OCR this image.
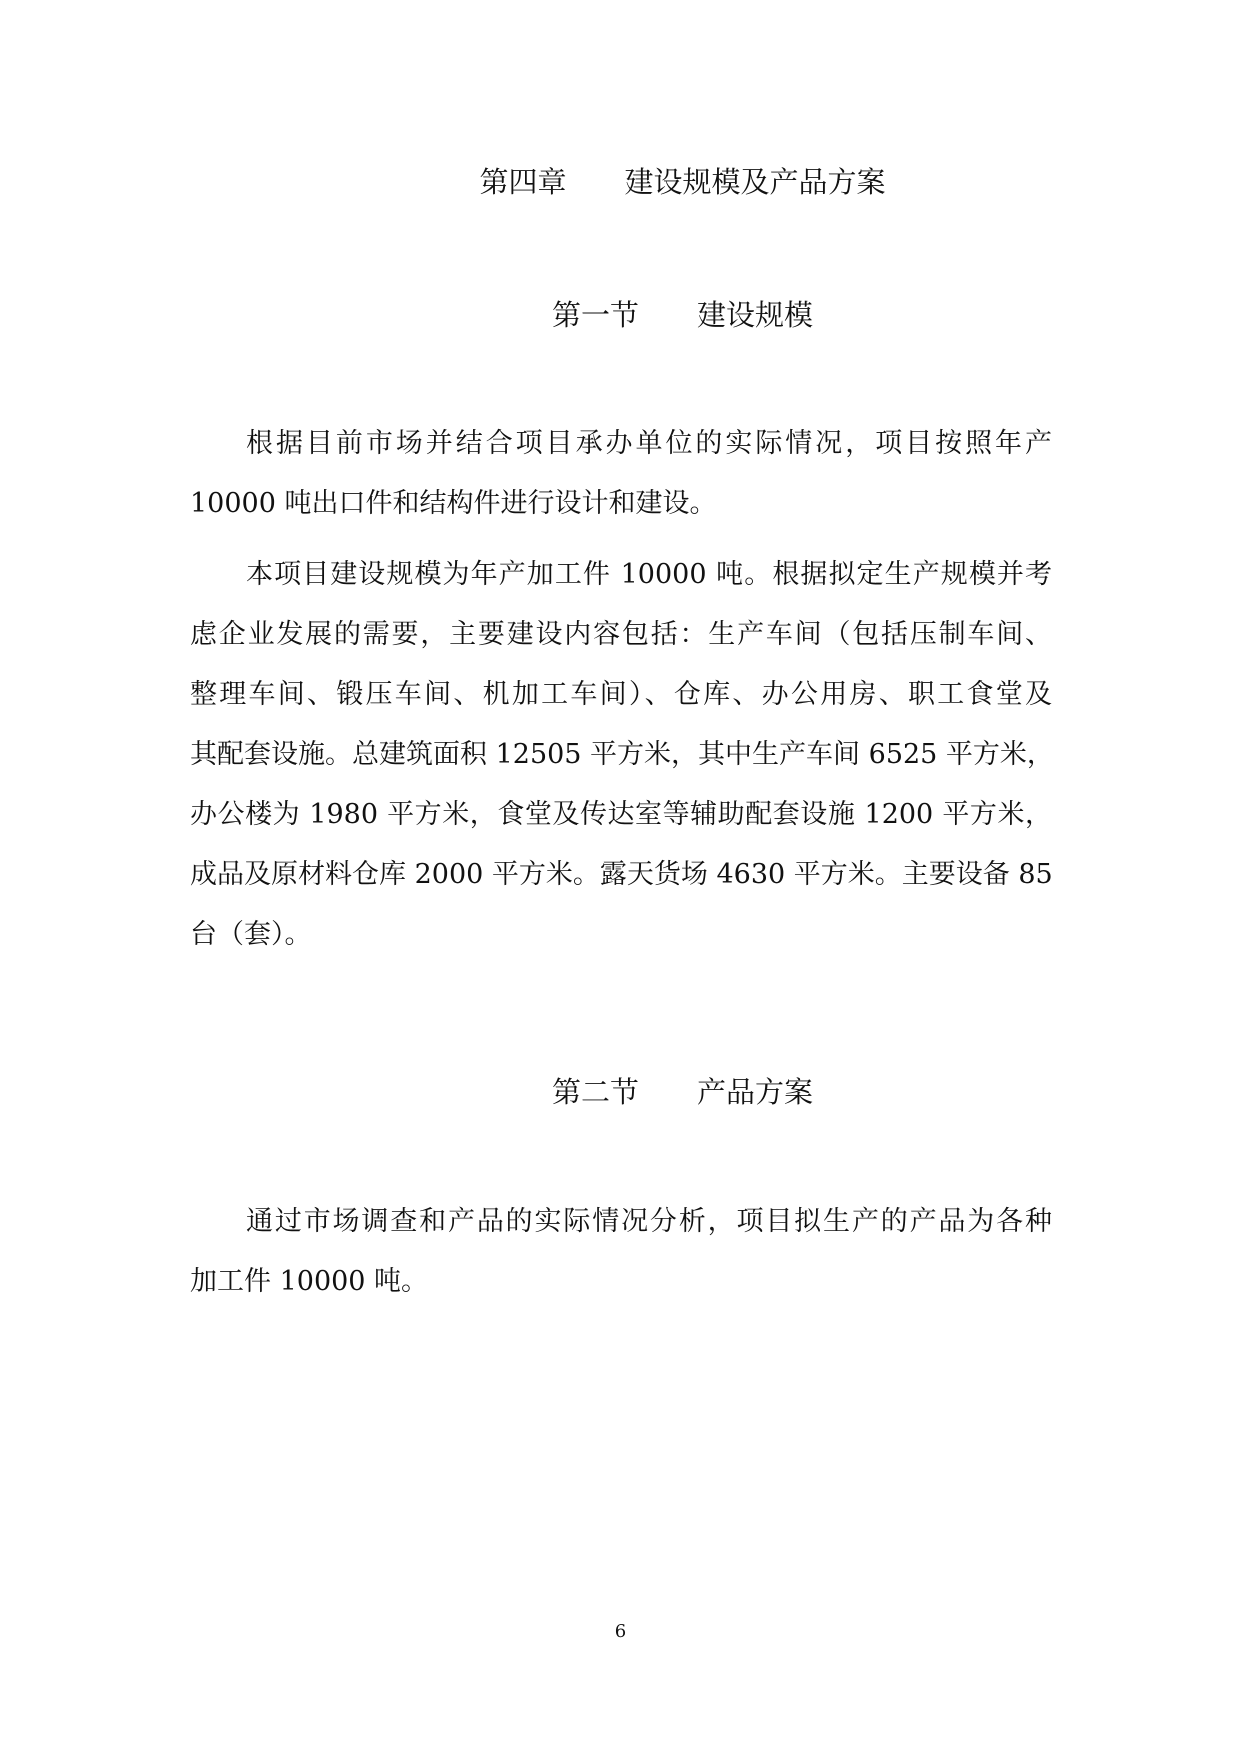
第四章 建设规模及产品方案
第一节 建设规模
根据目前市场并结合项目承办单位的实际情况，项目按照年产
10000 吨出口件和结构件进行设计和建设。
本项目建设规模为年产加工件 10000 吨。根据拟定生产规模并考
虑企业发展的需要，主要建设内容包括：生产车间（包括压制车间、
整理车间、锻压车间、机加工车间）、仓库、办公用房、职工食堂及
其配套设施。总建筑面积 12505 平方米，其中生产车间 6525 平方米，
办公楼为 1980 平方米，食堂及传达室等辅助配套设施 1200 平方米，
成品及原材料仓库 2000 平方米。露天货场 4630 平方米。主要设备 85
台（套）。
第二节 产品方案
通过市场调查和产品的实际情况分析，项目拟生产的产品为各种
加工件 10000 吨。
6
